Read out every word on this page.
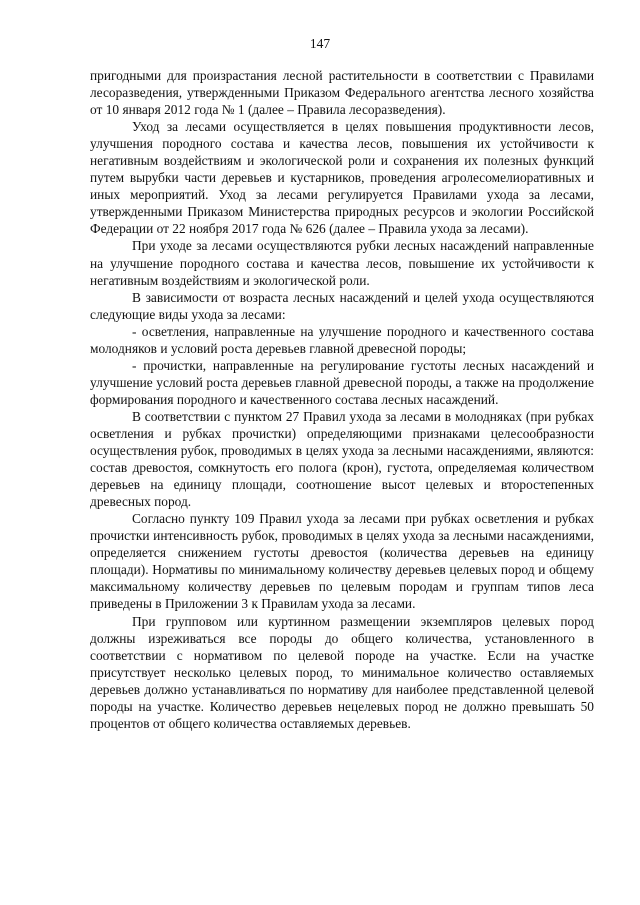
147

пригодными для произрастания лесной растительности в соответствии с Правилами лесоразведения, утвержденными Приказом Федерального агентства лесного хозяйства от 10 января 2012 года № 1 (далее – Правила лесоразведения).

Уход за лесами осуществляется в целях повышения продуктивности лесов, улучшения породного состава и качества лесов, повышения их устойчивости к негативным воздействиям и экологической роли и сохранения их полезных функций путем вырубки части деревьев и кустарников, проведения агролесомелиоративных и иных мероприятий. Уход за лесами регулируется Правилами ухода за лесами, утвержденными Приказом Министерства природных ресурсов и экологии Российской Федерации от 22 ноября 2017 года № 626 (далее – Правила ухода за лесами).

При уходе за лесами осуществляются рубки лесных насаждений направленные на улучшение породного состава и качества лесов, повышение их устойчивости к негативным воздействиям и экологической роли.

В зависимости от возраста лесных насаждений и целей ухода осуществляются следующие виды ухода за лесами:

- осветления, направленные на улучшение породного и качественного состава молодняков и условий роста деревьев главной древесной породы;

- прочистки, направленные на регулирование густоты лесных насаждений и улучшение условий роста деревьев главной древесной породы, а также на продолжение формирования породного и качественного состава лесных насаждений.

В соответствии с пунктом 27 Правил ухода за лесами в молодняках (при рубках осветления и рубках прочистки) определяющими признаками целесообразности осуществления рубок, проводимых в целях ухода за лесными насаждениями, являются: состав древостоя, сомкнутость его полога (крон), густота, определяемая количеством деревьев на единицу площади, соотношение высот целевых и второстепенных древесных пород.

Согласно пункту 109 Правил ухода за лесами при рубках осветления и рубках прочистки интенсивность рубок, проводимых в целях ухода за лесными насаждениями, определяется снижением густоты древостоя (количества деревьев на единицу площади). Нормативы по минимальному количеству деревьев целевых пород и общему максимальному количеству деревьев по целевым породам и группам типов леса приведены в Приложении 3 к Правилам ухода за лесами.

При групповом или куртинном размещении экземпляров целевых пород должны изреживаться все породы до общего количества, установленного в соответствии с нормативом по целевой породе на участке. Если на участке присутствует несколько целевых пород, то минимальное количество оставляемых деревьев должно устанавливаться по нормативу для наиболее представленной целевой породы на участке. Количество деревьев нецелевых пород не должно превышать 50 процентов от общего количества оставляемых деревьев.
